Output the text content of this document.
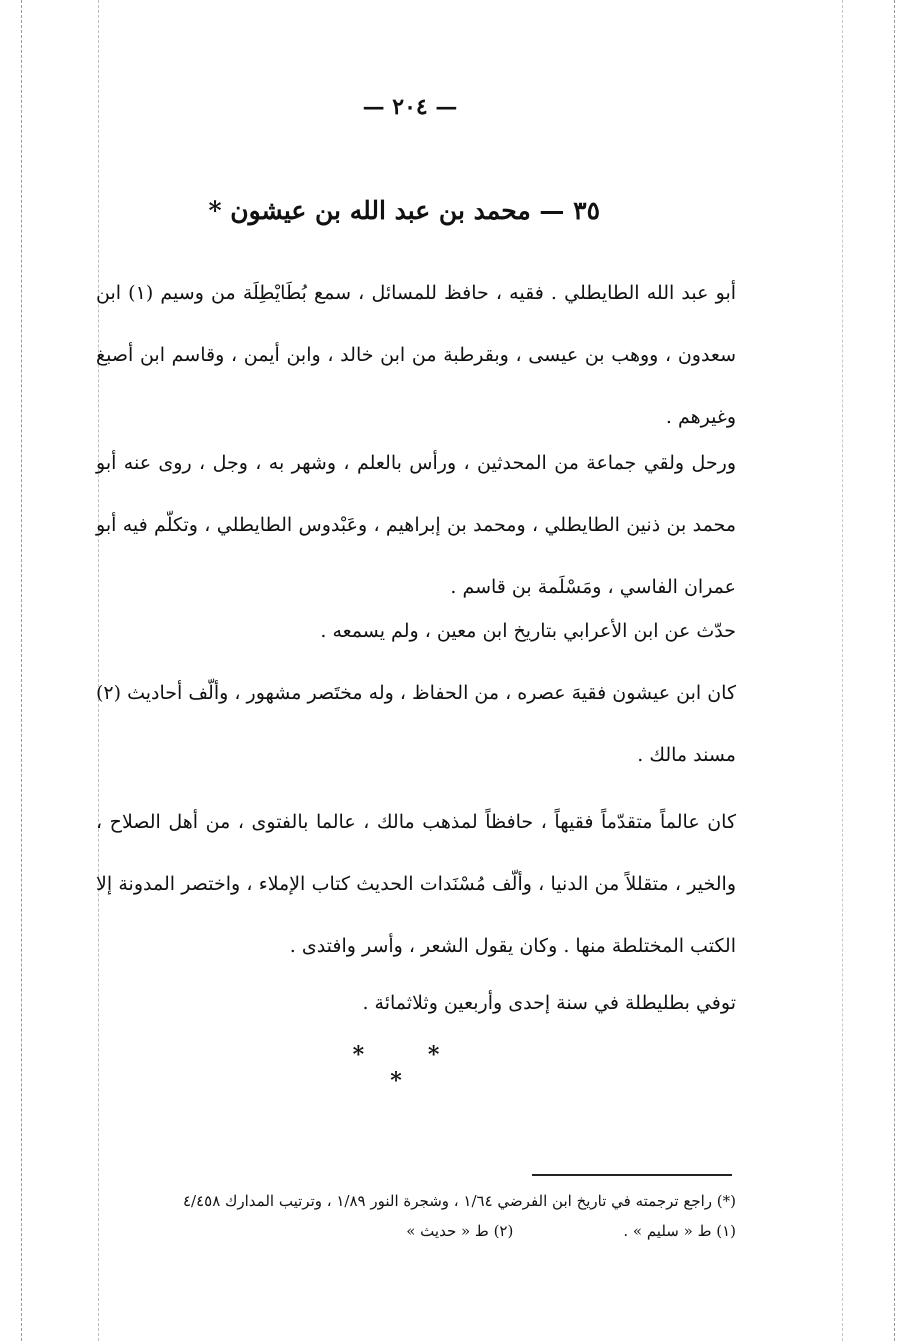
— ٢٠٤ —
٣٥ — محمد بن عبد الله بن عيشون *
أبو عبد الله الطايطلي . فقيه ، حافظ للمسائل ، سمع بُطَايْطِلَة من وسيم (١) ابن سعدون ، ووهب بن عيسى ، وبقرطبة من ابن خالد ، وابن أيمن ، وقاسم ابن أصبغ وغيرهم .
ورحل ولقي جماعة من المحدثين ، ورأس بالعلم ، وشهر به ، وجل ، روى عنه أبو محمد بن ذنين الطايطلي ، ومحمد بن إبراهيم ، وعَبْدوس الطايطلي ، وتكلّم فيه أبو عمران الفاسي ، ومَسْلَمة بن قاسم .
حدّث عن ابن الأعرابي بتاريخ ابن معين ، ولم يسمعه .
كان ابن عيشون فقيهَ عصره ، من الحفاظ ، وله مختَصر مشهور ، وألّف أحاديث (٢) مسند مالك .
كان عالماً متقدّماً فقيهاً ، حافظاً لمذهب مالك ، عالما بالفتوى ، من أهل الصلاح ، والخير ، متقللاً من الدنيا ، وألّف مُسْنَدات الحديث كتاب الإملاء ، واختصر المدونة إلا الكتب المختلطة منها . وكان يقول الشعر ، وأسر وافتدى .
توفي بطليطلة في سنة إحدى وأربعين وثلاثمائة .
* * *
(*) راجع ترجمته في تاريخ ابن الفرضي ١/٦٤ ، وشجرة النور ١/٨٩ ، وترتيب المدارك ٤/٤٥٨
(١) ط « سليم » .
(٢) ط « حديث »
